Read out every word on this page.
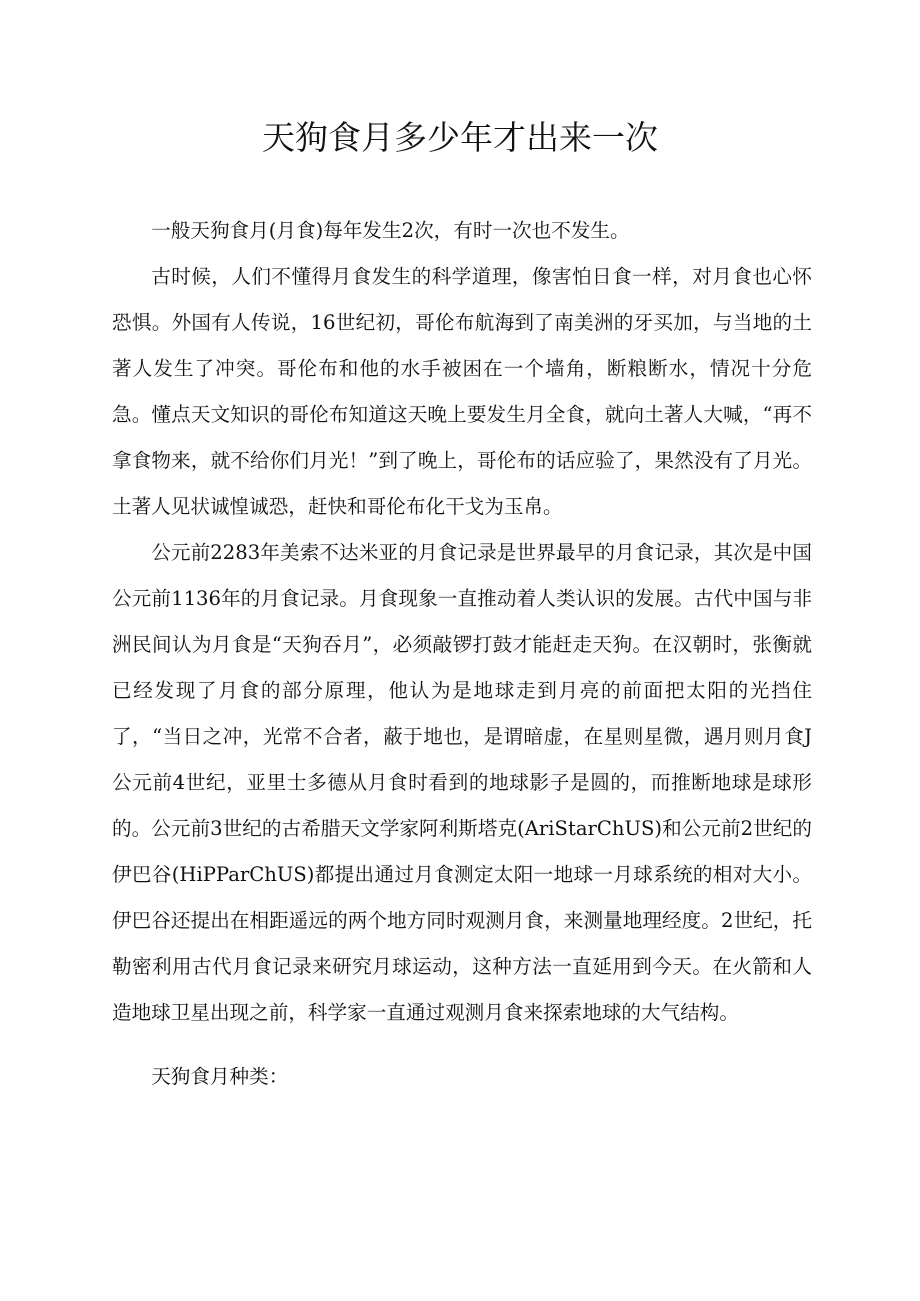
天狗食月多少年才出来一次

一般天狗食月(月食)每年发生2次，有时一次也不发生。

古时候，人们不懂得月食发生的科学道理，像害怕日食一样，对月食也心怀恐惧。外国有人传说，16世纪初，哥伦布航海到了南美洲的牙买加，与当地的土著人发生了冲突。哥伦布和他的水手被困在一个墙角，断粮断水，情况十分危急。懂点天文知识的哥伦布知道这天晚上要发生月全食，就向土著人大喊，“再不拿食物来，就不给你们月光！”到了晚上，哥伦布的话应验了，果然没有了月光。土著人见状诚惶诚恐，赶快和哥伦布化干戈为玉帛。

公元前2283年美索不达米亚的月食记录是世界最早的月食记录，其次是中国公元前1136年的月食记录。月食现象一直推动着人类认识的发展。古代中国与非洲民间认为月食是“天狗吞月”，必须敲锣打鼓才能赶走天狗。在汉朝时，张衡就已经发现了月食的部分原理，他认为是地球走到月亮的前面把太阳的光挡住了，“当日之冲，光常不合者，蔽于地也，是谓暗虚，在星则星微，遇月则月食J公元前4世纪，亚里士多德从月食时看到的地球影子是圆的，而推断地球是球形的。公元前3世纪的古希腊天文学家阿利斯塔克(AriStarChUS)和公元前2世纪的伊巴谷(HiPParChUS)都提出通过月食测定太阳一地球一月球系统的相对大小。伊巴谷还提出在相距遥远的两个地方同时观测月食，来测量地理经度。2世纪，托勒密利用古代月食记录来研究月球运动，这种方法一直延用到今天。在火箭和人造地球卫星出现之前，科学家一直通过观测月食来探索地球的大气结构。

天狗食月种类：
